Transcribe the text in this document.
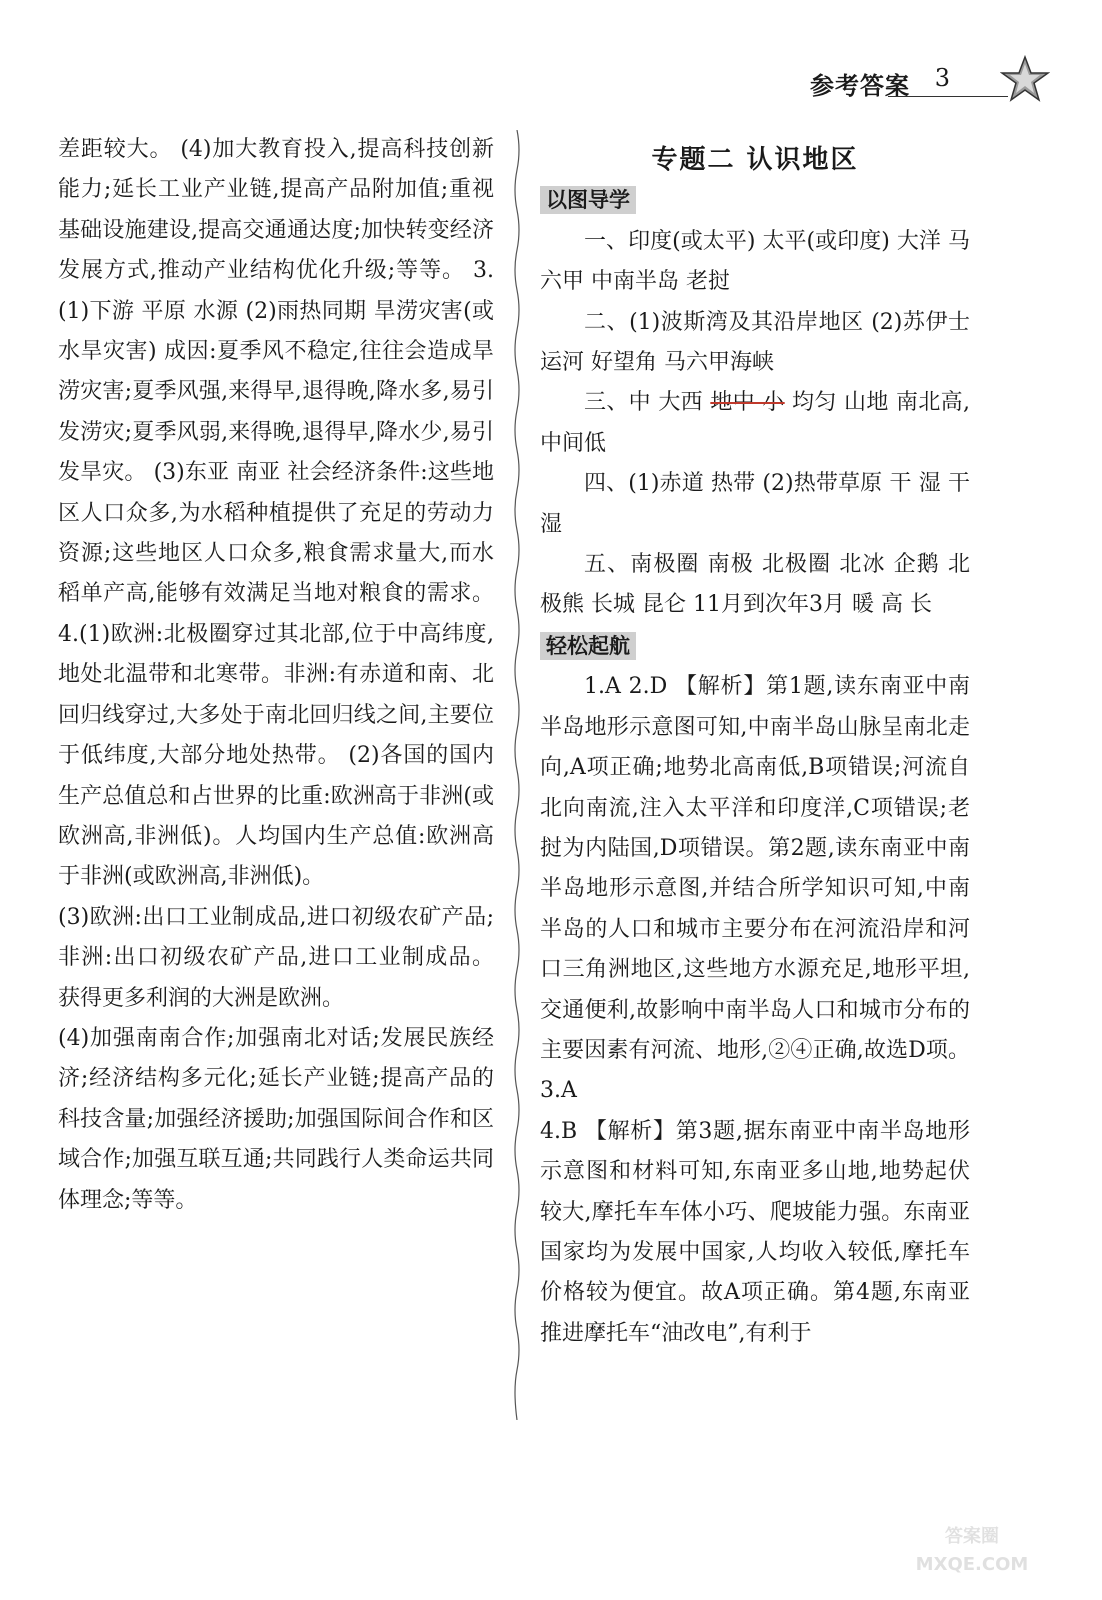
参考答案 3

差距较大。 (4)加大教育投入,提高科技创新能力;延长工业产业链,提高产品附加值;重视基础设施建设,提高交通通达度;加快转变经济发展方式,推动产业结构优化升级;等等。 3.(1)下游 平原 水源 (2)雨热同期 旱涝灾害(或水旱灾害) 成因:夏季风不稳定,往往会造成旱涝灾害;夏季风强,来得早,退得晚,降水多,易引发涝灾;夏季风弱,来得晚,退得早,降水少,易引发旱灾。 (3)东亚 南亚 社会经济条件:这些地区人口众多,为水稻种植提供了充足的劳动力资源;这些地区人口众多,粮食需求量大,而水稻单产高,能够有效满足当地对粮食的需求。 4.(1)欧洲:北极圈穿过其北部,位于中高纬度,地处北温带和北寒带。非洲:有赤道和南、北回归线穿过,大多处于南北回归线之间,主要位于低纬度,大部分地处热带。 (2)各国的国内生产总值总和占世界的比重:欧洲高于非洲(或欧洲高,非洲低)。人均国内生产总值:欧洲高于非洲(或欧洲高,非洲低)。

(3)欧洲:出口工业制成品,进口初级农矿产品;非洲:出口初级农矿产品,进口工业制成品。 获得更多利润的大洲是欧洲。

(4)加强南南合作;加强南北对话;发展民族经济;经济结构多元化;延长产业链;提高产品的科技含量;加强经济援助;加强国际间合作和区域合作;加强互联互通;共同践行人类命运共同体理念;等等。

专题二 认识地区

以图导学

一、印度(或太平) 太平(或印度) 大洋 马六甲 中南半岛 老挝

二、(1)波斯湾及其沿岸地区 (2)苏伊士运河 好望角 马六甲海峡

三、中 大西 地中 小 均匀 山地 南北高,中间低

四、(1)赤道 热带 (2)热带草原 干 湿 干 湿

五、南极圈 南极 北极圈 北冰 企鹅 北极熊 长城 昆仑 11月到次年3月 暖 高 长

轻松起航

1.A 2.D 【解析】第1题,读东南亚中南半岛地形示意图可知,中南半岛山脉呈南北走向,A项正确;地势北高南低,B项错误;河流自北向南流,注入太平洋和印度洋,C项错误;老挝为内陆国,D项错误。第2题,读东南亚中南半岛地形示意图,并结合所学知识可知,中南半岛的人口和城市主要分布在河流沿岸和河口三角洲地区,这些地方水源充足,地形平坦,交通便利,故影响中南半岛人口和城市分布的主要因素有河流、地形,②④正确,故选D项。 3.A

4.B 【解析】第3题,据东南亚中南半岛地形示意图和材料可知,东南亚多山地,地势起伏较大,摩托车车体小巧、爬坡能力强。东南亚国家均为发展中国家,人均收入较低,摩托车价格较为便宜。故A项正确。第4题,东南亚推进摩托车“油改电”,有利于

答案圈
MXQE.COM
